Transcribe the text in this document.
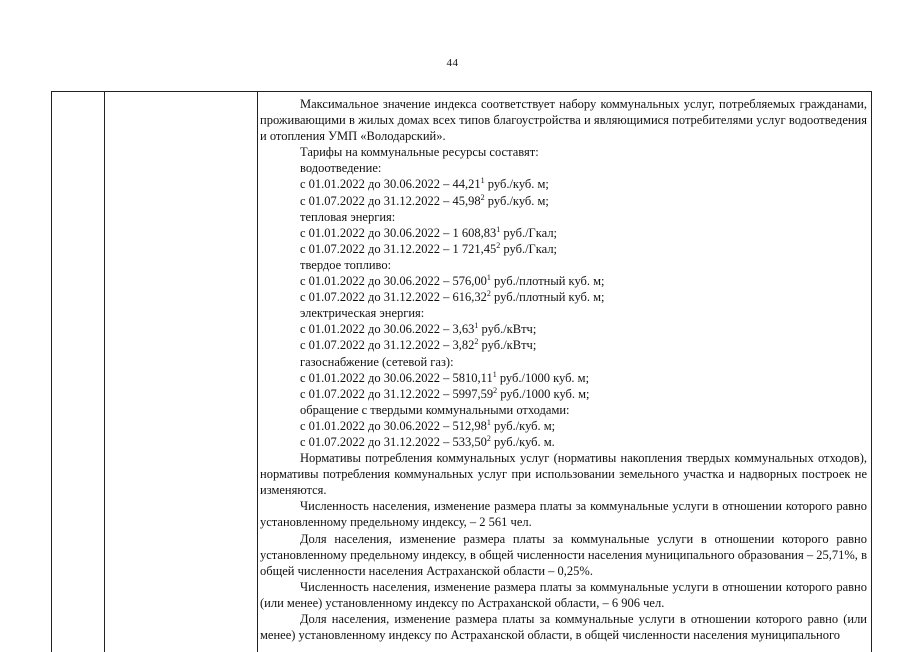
44

Максимальное значение индекса соответствует набору коммунальных услуг, потребляемых гражданами, проживающими в жилых домах всех типов благоустройства и являющимися потребителями услуг водоотведения и отопления УМП «Володарский».

Тарифы на коммунальные ресурсы составят:

водоотведение:

с 01.01.2022 до 30.06.2022 – 44,21$^1$ руб./куб. м;

с 01.07.2022 до 31.12.2022 – 45,98$^2$ руб./куб. м;

тепловая энергия:

с 01.01.2022 до 30.06.2022 – 1 608,83$^1$ руб./Гкал;

с 01.07.2022 до 31.12.2022 – 1 721,45$^2$ руб./Гкал;

твердое топливо:

с 01.01.2022 до 30.06.2022 – 576,00$^1$ руб./плотный куб. м;

с 01.07.2022 до 31.12.2022 – 616,32$^2$ руб./плотный куб. м;

электрическая энергия:

с 01.01.2022 до 30.06.2022 – 3,63$^1$ руб./кВтч;

с 01.07.2022 до 31.12.2022 – 3,82$^2$ руб./кВтч;

газоснабжение (сетевой газ):

с 01.01.2022 до 30.06.2022 – 5810,11$^1$ руб./1000 куб. м;

с 01.07.2022 до 31.12.2022 – 5997,59$^2$ руб./1000 куб. м;

обращение с твердыми коммунальными отходами:

с 01.01.2022 до 30.06.2022 – 512,98$^1$ руб./куб. м;

с 01.07.2022 до 31.12.2022 – 533,50$^2$ руб./куб. м.

Нормативы потребления коммунальных услуг (нормативы накопления твердых коммунальных отходов), нормативы потребления коммунальных услуг при использовании земельного участка и надворных построек не изменяются.

Численность населения, изменение размера платы за коммунальные услуги в отношении которого равно установленному предельному индексу, – 2 561 чел.

Доля населения, изменение размера платы за коммунальные услуги в отношении которого равно установленному предельному индексу, в общей численности населения муниципального образования – 25,71%, в общей численности населения Астраханской области – 0,25%.

Численность населения, изменение размера платы за коммунальные услуги в отношении которого равно (или менее) установленному индексу по Астраханской области, – 6 906 чел.

Доля населения, изменение размера платы за коммунальные услуги в отношении которого равно (или менее) установленному индексу по Астраханской области, в общей численности населения муниципального
